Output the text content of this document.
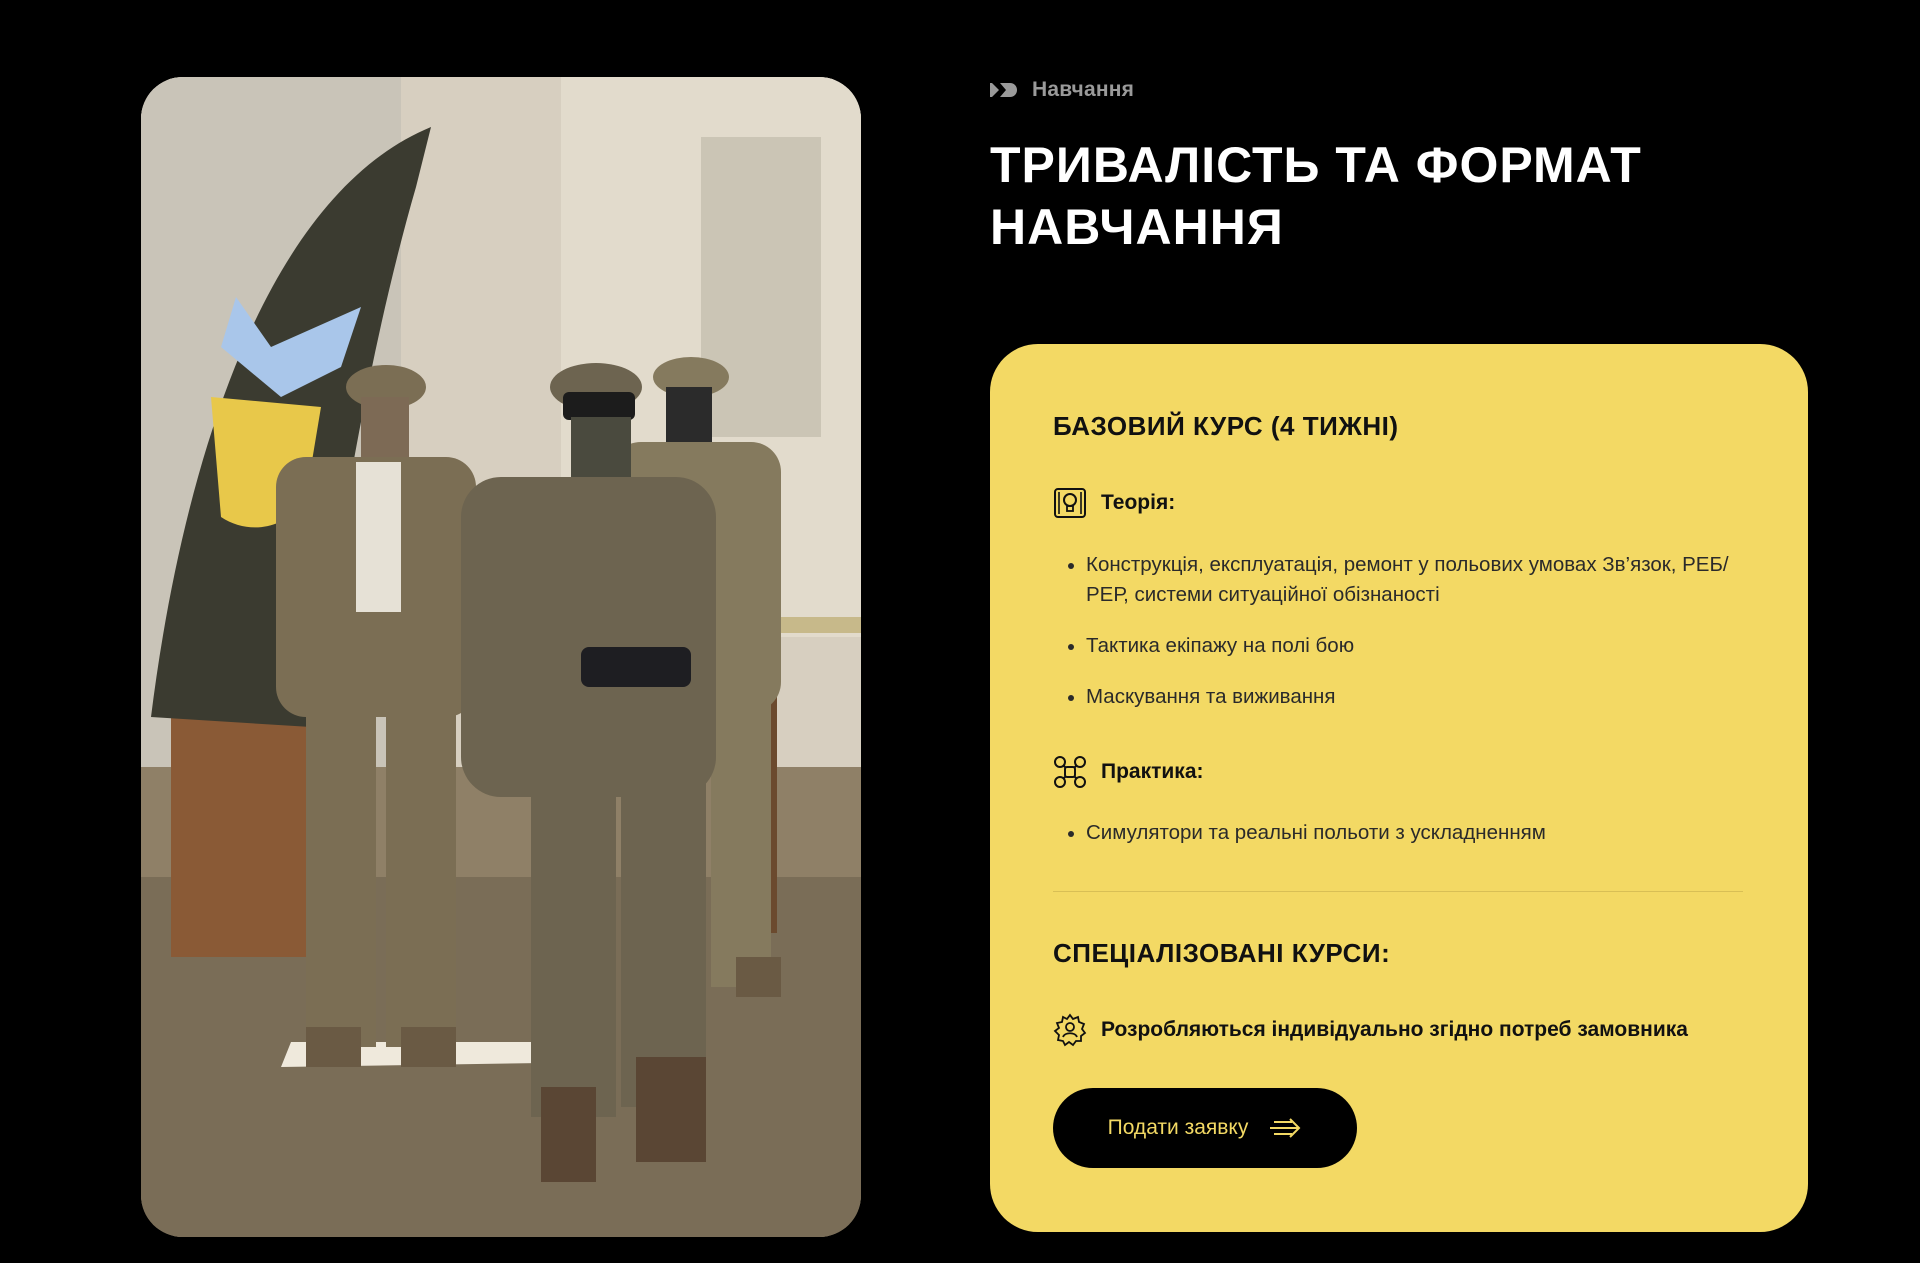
Навчання
ТРИВАЛІСТЬ ТА ФОРМАТ НАВЧАННЯ
БАЗОВИЙ КУРС (4 ТИЖНІ)
Теорія:
Конструкція, експлуатація, ремонт у польових умовах Зв’язок, РЕБ/РЕР, системи ситуаційної обізнаності
Тактика екіпажу на полі бою
Маскування та виживання
Практика:
Симулятори та реальні польоти з ускладненням
СПЕЦІАЛІЗОВАНІ КУРСИ:
Розробляються індивідуально згідно потреб замовника
Подати заявку
